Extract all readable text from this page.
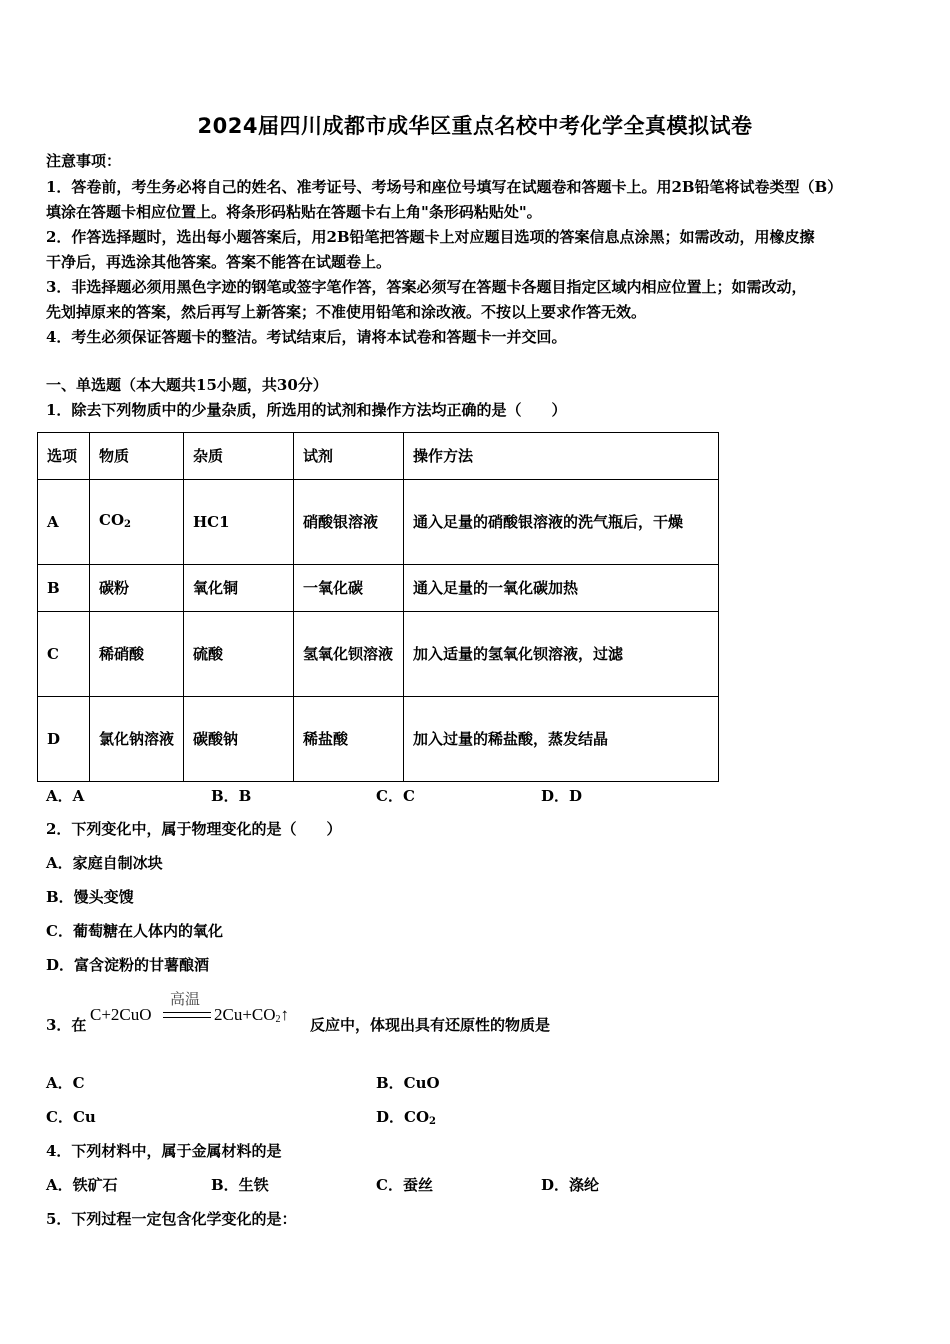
2024届四川成都市成华区重点名校中考化学全真模拟试卷
注意事项：
1．答卷前，考生务必将自己的姓名、准考证号、考场号和座位号填写在试题卷和答题卡上。用2B铅笔将试卷类型（B）
填涂在答题卡相应位置上。将条形码粘贴在答题卡右上角"条形码粘贴处"。
2．作答选择题时，选出每小题答案后，用2B铅笔把答题卡上对应题目选项的答案信息点涂黑；如需改动，用橡皮擦
干净后，再选涂其他答案。答案不能答在试题卷上。
3．非选择题必须用黑色字迹的钢笔或签字笔作答，答案必须写在答题卡各题目指定区域内相应位置上；如需改动，
先划掉原来的答案，然后再写上新答案；不准使用铅笔和涂改液。不按以上要求作答无效。
4．考生必须保证答题卡的整洁。考试结束后，请将本试卷和答题卡一并交回。
一、单选题（本大题共15小题，共30分）
1．除去下列物质中的少量杂质，所选用的试剂和操作方法均正确的是（　　）
选项	物质	杂质	试剂	操作方法
A	$CO_2$	HC1	硝酸银溶液	通入足量的硝酸银溶液的洗气瓶后，干燥
B	碳粉	氧化铜	一氧化碳	通入足量的一氧化碳加热
C	稀硝酸	硫酸	氢氧化钡溶液	加入适量的氢氧化钡溶液，过滤
D	氯化钠溶液	碳酸钠	稀盐酸	加入过量的稀盐酸，蒸发结晶
A．A	B．B	C．C	D．D
2．下列变化中，属于物理变化的是（　　）
A．家庭自制冰块
B．馒头变馊
C．葡萄糖在人体内的氧化
D．富含淀粉的甘薯酿酒
3．在
C+2CuO
高温
$2Cu+CO_2↑$
反应中，体现出具有还原性的物质是
A．C	B．CuO
C．Cu	D．$CO_2$
4．下列材料中，属于金属材料的是
A．铁矿石	B．生铁	C．蚕丝	D．涤纶
5．下列过程一定包含化学变化的是：
